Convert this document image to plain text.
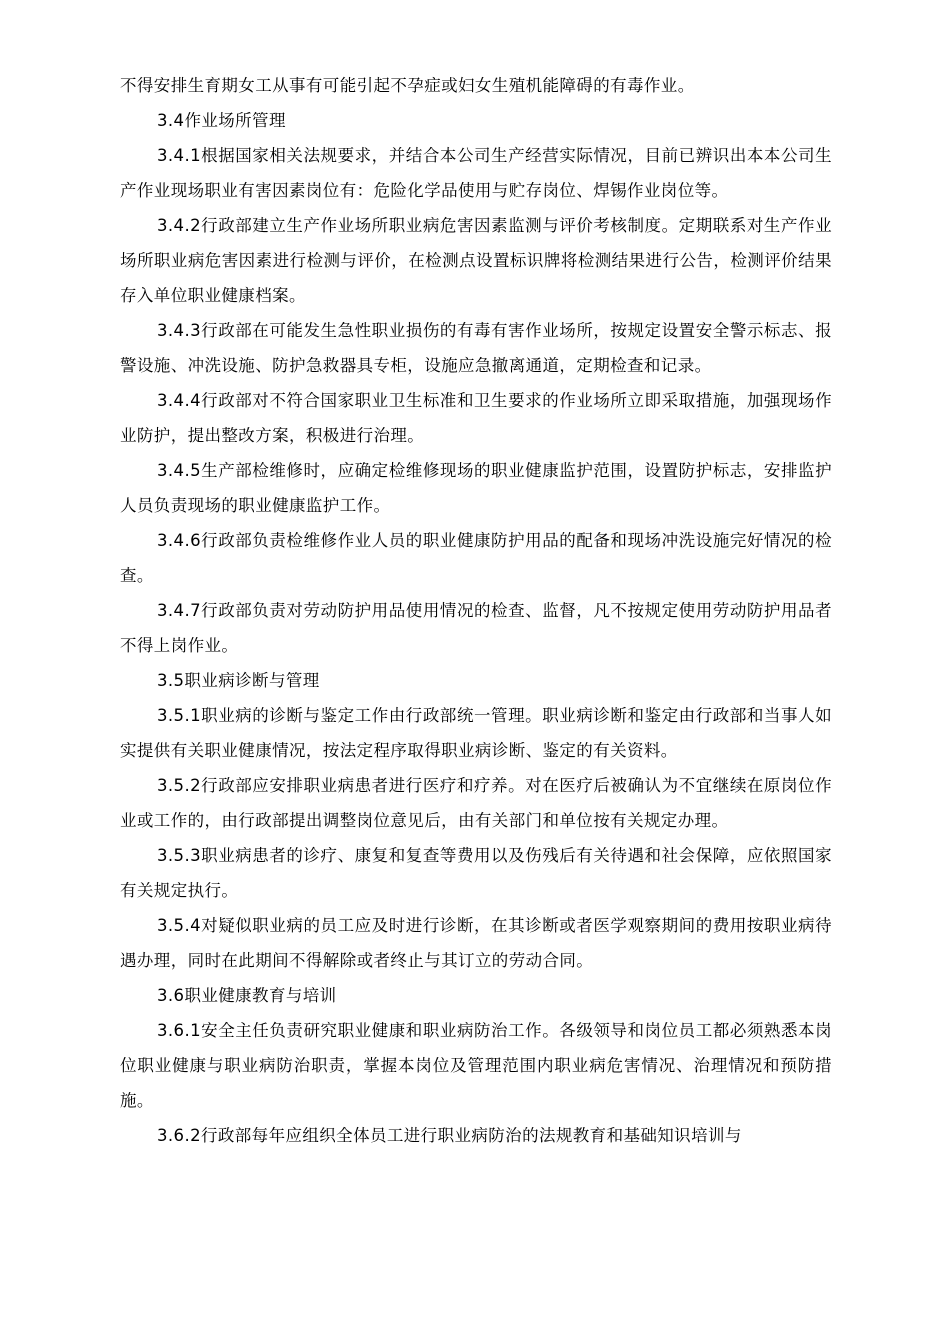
不得安排生育期女工从事有可能引起不孕症或妇女生殖机能障碍的有毒作业。

3.4作业场所管理

3.4.1根据国家相关法规要求，并结合本公司生产经营实际情况，目前已辨识出本本公司生产作业现场职业有害因素岗位有：危险化学品使用与贮存岗位、焊锡作业岗位等。

3.4.2行政部建立生产作业场所职业病危害因素监测与评价考核制度。定期联系对生产作业场所职业病危害因素进行检测与评价，在检测点设置标识牌将检测结果进行公告，检测评价结果存入单位职业健康档案。

3.4.3行政部在可能发生急性职业损伤的有毒有害作业场所，按规定设置安全警示标志、报警设施、冲洗设施、防护急救器具专柜，设施应急撤离通道，定期检查和记录。

3.4.4行政部对不符合国家职业卫生标准和卫生要求的作业场所立即采取措施，加强现场作业防护，提出整改方案，积极进行治理。

3.4.5生产部检维修时，应确定检维修现场的职业健康监护范围，设置防护标志，安排监护人员负责现场的职业健康监护工作。

3.4.6行政部负责检维修作业人员的职业健康防护用品的配备和现场冲洗设施完好情况的检查。

3.4.7行政部负责对劳动防护用品使用情况的检查、监督，凡不按规定使用劳动防护用品者不得上岗作业。

3.5职业病诊断与管理

3.5.1职业病的诊断与鉴定工作由行政部统一管理。职业病诊断和鉴定由行政部和当事人如实提供有关职业健康情况，按法定程序取得职业病诊断、鉴定的有关资料。

3.5.2行政部应安排职业病患者进行医疗和疗养。对在医疗后被确认为不宜继续在原岗位作业或工作的，由行政部提出调整岗位意见后，由有关部门和单位按有关规定办理。

3.5.3职业病患者的诊疗、康复和复查等费用以及伤残后有关待遇和社会保障，应依照国家有关规定执行。

3.5.4对疑似职业病的员工应及时进行诊断，在其诊断或者医学观察期间的费用按职业病待遇办理，同时在此期间不得解除或者终止与其订立的劳动合同。

3.6职业健康教育与培训

3.6.1安全主任负责研究职业健康和职业病防治工作。各级领导和岗位员工都必须熟悉本岗位职业健康与职业病防治职责，掌握本岗位及管理范围内职业病危害情况、治理情况和预防措施。

3.6.2行政部每年应组织全体员工进行职业病防治的法规教育和基础知识培训与
